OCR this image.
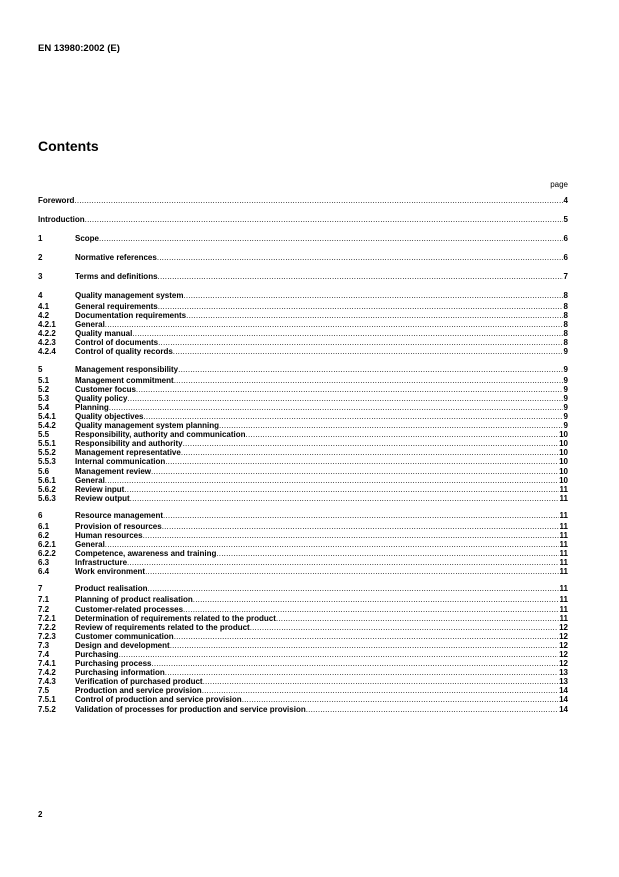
EN 13980:2002 (E)
Contents
page
Foreword .....	4
Introduction .....	5
1	Scope .....	6
2	Normative references .....	6
3	Terms and definitions .....	7
4	Quality management system .....	8
4.1	General requirements .....	8
4.2	Documentation requirements .....	8
4.2.1	General .....	8
4.2.2	Quality manual .....	8
4.2.3	Control of documents .....	8
4.2.4	Control of quality records .....	9
5	Management responsibility .....	9
5.1	Management commitment .....	9
5.2	Customer focus .....	9
5.3	Quality policy .....	9
5.4	Planning .....	9
5.4.1	Quality objectives .....	9
5.4.2	Quality management system planning .....	9
5.5	Responsibility, authority and communication .....	10
5.5.1	Responsibility and authority .....	10
5.5.2	Management representative .....	10
5.5.3	Internal communication .....	10
5.6	Management review .....	10
5.6.1	General .....	10
5.6.2	Review input .....	11
5.6.3	Review output .....	11
6	Resource management .....	11
6.1	Provision of resources .....	11
6.2	Human resources .....	11
6.2.1	General .....	11
6.2.2	Competence, awareness and training .....	11
6.3	Infrastructure .....	11
6.4	Work environment .....	11
7	Product realisation .....	11
7.1	Planning of product realisation .....	11
7.2	Customer-related processes .....	11
7.2.1	Determination of requirements related to the product .....	11
7.2.2	Review of requirements related to the product .....	12
7.2.3	Customer communication .....	12
7.3	Design and development .....	12
7.4	Purchasing .....	12
7.4.1	Purchasing process .....	12
7.4.2	Purchasing information .....	13
7.4.3	Verification of purchased product .....	13
7.5	Production and service provision .....	14
7.5.1	Control of production and service provision .....	14
7.5.2	Validation of processes for production and service provision .....	14
2
